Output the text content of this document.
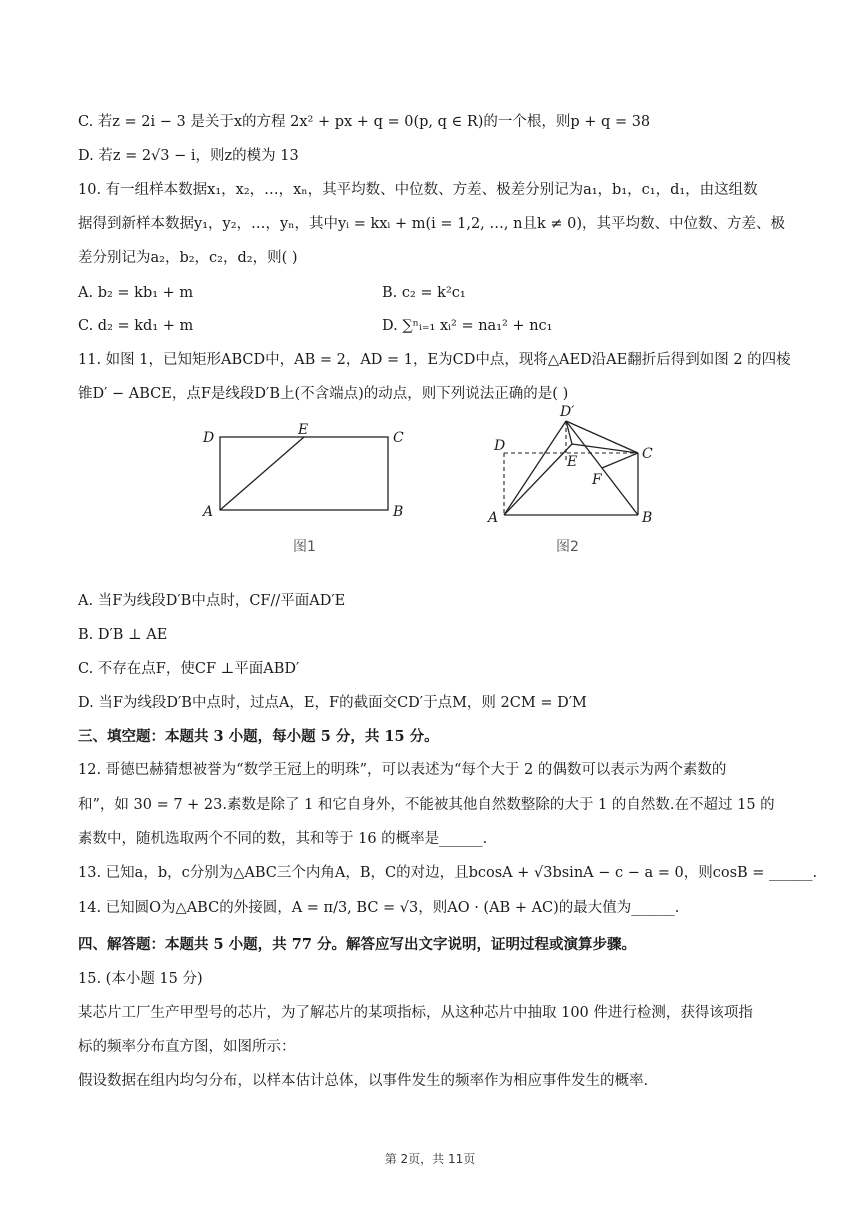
C. 若z = 2i − 3 是关于x的方程 2x² + px + q = 0(p, q ∈ R)的一个根，则p + q = 38
D. 若z = 2√3 − i，则z的模为 13
10. 有一组样本数据x₁，x₂，…，xₙ，其平均数、中位数、方差、极差分别记为a₁，b₁，c₁，d₁，由这组数
据得到新样本数据y₁，y₂，…，yₙ，其中yᵢ = kxᵢ + m(i = 1,2, …, n且k ≠ 0)，其平均数、中位数、方差、极
差分别记为a₂，b₂，c₂，d₂，则( )
A. b₂ = kb₁ + m	B. c₂ = k²c₁
C. d₂ = kd₁ + m	D. ∑ⁿᵢ₌₁ xᵢ² = na₁² + nc₁
11. 如图 1，已知矩形ABCD中，AB = 2，AD = 1，E为CD中点，现将△AED沿AE翻折后得到如图 2 的四棱
锥D′ − ABCE，点F是线段D′B上(不含端点)的动点，则下列说法正确的是( )
D	E	C
A	B
图1
D′
D
E	C
F
A	B
图2
A. 当F为线段D′B中点时，CF//平面AD′E
B. D′B ⊥ AE
C. 不存在点F，使CF ⊥平面ABD′
D. 当F为线段D′B中点时，过点A，E，F的截面交CD′于点M，则 2CM = D′M
三、填空题：本题共 3 小题，每小题 5 分，共 15 分。
12. 哥德巴赫猜想被誉为“数学王冠上的明珠”，可以表述为“每个大于 2 的偶数可以表示为两个素数的
和”，如 30 = 7 + 23.素数是除了 1 和它自身外，不能被其他自然数整除的大于 1 的自然数.在不超过 15 的
素数中，随机选取两个不同的数，其和等于 16 的概率是______.
13. 已知a，b，c分别为△ABC三个内角A，B，C的对边，且bcosA + √3bsinA − c − a = 0，则cosB = ______.
14. 已知圆O为△ABC的外接圆，A = π/3, BC = √3，则AO · (AB + AC)的最大值为______.
四、解答题：本题共 5 小题，共 77 分。解答应写出文字说明，证明过程或演算步骤。
15. (本小题 15 分)
某芯片工厂生产甲型号的芯片，为了解芯片的某项指标，从这种芯片中抽取 100 件进行检测，获得该项指
标的频率分布直方图，如图所示：
假设数据在组内均匀分布，以样本估计总体，以事件发生的频率作为相应事件发生的概率.
第 2页，共 11页
